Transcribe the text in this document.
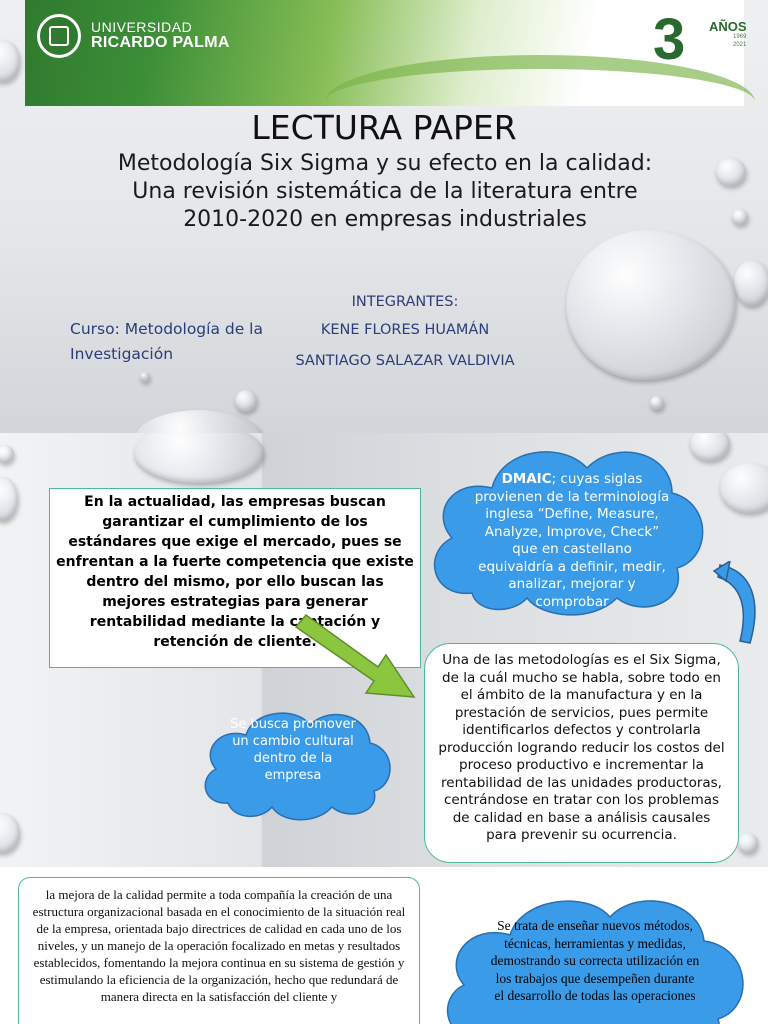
UNIVERSIDAD
RICARDO PALMA	3 AÑOS
1969
2021
LECTURA PAPER
Metodología Six Sigma y su efecto en la calidad: Una revisión sistemática de la literatura entre 2010-2020 en empresas industriales
Curso: Metodología de la Investigación
INTEGRANTES:
KENE FLORES HUAMÁN
SANTIAGO SALAZAR VALDIVIA
DMAIC; cuyas siglas provienen de la terminología inglesa “Define, Measure, Analyze, Improve, Check” que en castellano equivaldría a definir, medir, analizar, mejorar y comprobar
En la actualidad, las empresas buscan garantizar el cumplimiento de los estándares que exige el mercado, pues se enfrentan a la fuerte competencia que existe dentro del mismo, por ello buscan las mejores estrategias para generar rentabilidad mediante la captación y retención de cliente.
Una de las metodologías es el Six Sigma, de la cuál mucho se habla, sobre todo en el ámbito de la manufactura y en la prestación de servicios, pues permite identificarlos defectos y controlarla producción logrando reducir los costos del proceso productivo e incrementar la rentabilidad de las unidades productoras, centrándose en tratar con los problemas de calidad en base a análisis causales para prevenir su ocurrencia.
Se busca promover un cambio cultural dentro de la empresa
la mejora de la calidad permite a toda compañía la creación de una estructura organizacional basada en el conocimiento de la situación real de la empresa, orientada bajo directrices de calidad en cada uno de los niveles, y un manejo de la operación focalizado en metas y resultados establecidos, fomentando la mejora continua en su sistema de gestión y estimulando la eficiencia de la organización, hecho que redundará de manera directa en la satisfacción del cliente y
Se trata de enseñar nuevos métodos, técnicas, herramientas y medidas, demostrando su correcta utilización en los trabajos que desempeñen durante el desarrollo de todas las operaciones
